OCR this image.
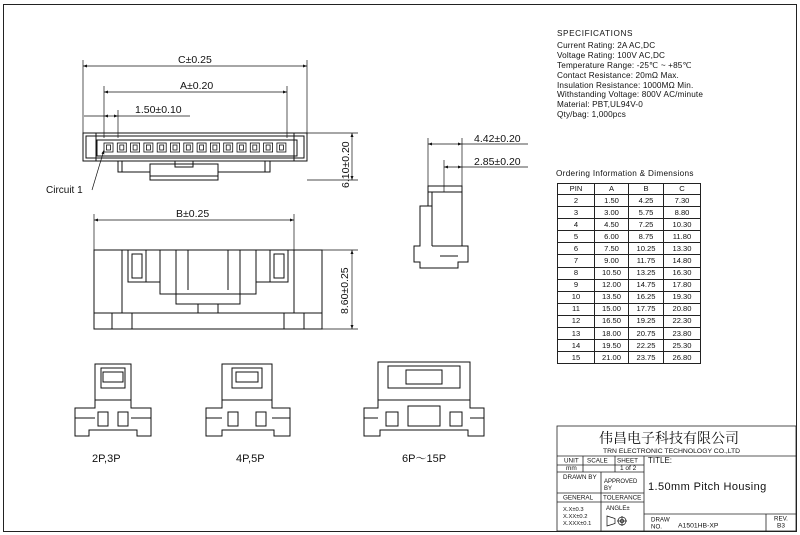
C±0.25
A±0.20
1.50±0.10
6.10±0.20
Circuit 1
B±0.25
8.60±0.25
4.42±0.20
2.85±0.20
2P,3P	4P,5P	6P～15P
伟昌电子科技有限公司
TRN ELECTRONIC TECHNOLOGY CO.,LTD
UNIT SCALE SHEET TITLE:
mm	1 of 2
DRAWN BY
APPROVED
BY	1.50mm Pitch Housing
GENERAL TOLERANCE
X.X±0.3
X.XX±0.2
X.XXX±0.1
ANGLE±
DRAW
NO. A1501HB-XP
REV.
B3
SPECIFICATIONS
Current Rating: 2A AC,DC
Voltage Rating: 100V AC,DC
Temperature Range: -25℃ ~ +85℃
Contact Resistance: 20mΩ Max.
Insulation Resistance: 1000MΩ Min.
Withstanding Voltage: 800V AC/minute
Material: PBT,UL94V-0
Qty/bag: 1,000pcs
Ordering Information & Dimensions
PIN	A	B	C
2	1.50	4.25	7.30
3	3.00	5.75	8.80
4	4.50	7.25	10.30
5	6.00	8.75	11.80
6	7.50	10.25	13.30
7	9.00	11.75	14.80
8	10.50	13.25	16.30
9	12.00	14.75	17.80
10	13.50	16.25	19.30
11	15.00	17.75	20.80
12	16.50	19.25	22.30
13	18.00	20.75	23.80
14	19.50	22.25	25.30
15	21.00	23.75	26.80
